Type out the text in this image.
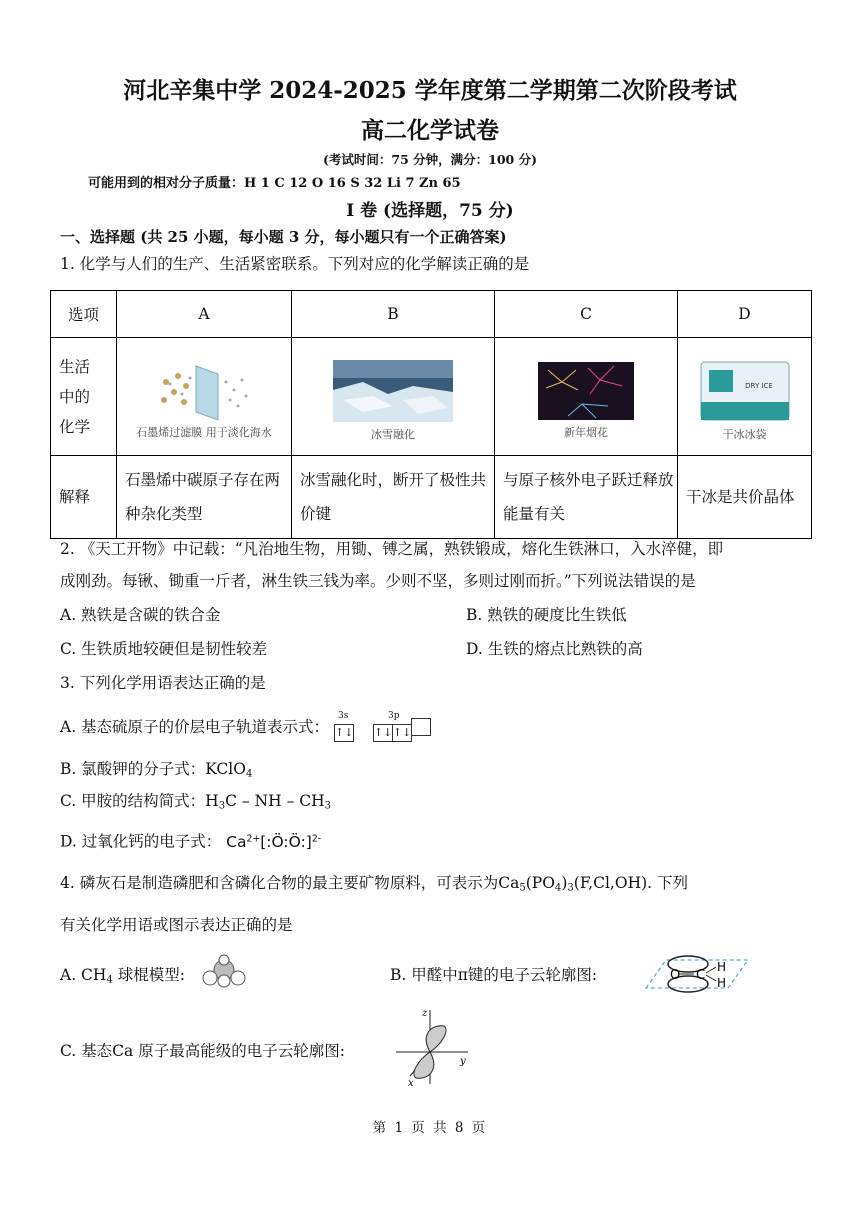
河北辛集中学 2024-2025 学年度第二学期第二次阶段考试
高二化学试卷
(考试时间：75 分钟，满分：100 分)
可能用到的相对分子质量：H 1 C 12 O 16 S 32 Li 7 Zn 65
I 卷 (选择题，75 分)
一、选择题 (共 25 小题，每小题 3 分，每小题只有一个正确答案)
1. 化学与人们的生产、生活紧密联系。下列对应的化学解读正确的是
选项	A	B	C	D

生活中的化学	石墨烯过滤膜 用于淡化海水	冰雪融化	新年烟花	DRY ICE
干冰冰袋

解释	石墨烯中碳原子存在两种杂化类型	冰雪融化时，断开了极性共价键	与原子核外电子跃迁释放能量有关	干冰是共价晶体
2. 《天工开物》中记载：“凡治地生物，用锄、镈之属，熟铁锻成，熔化生铁淋口，入水淬健，即
成刚劲。每锹、锄重一斤者，淋生铁三钱为率。少则不坚，多则过刚而折。”下列说法错误的是
A. 熟铁是含碳的铁合金	B. 熟铁的硬度比生铁低
C. 生铁质地较硬但是韧性较差	D. 生铁的熔点比熟铁的高
3. 下列化学用语表达正确的是
A. 基态硫原子的价层电子轨道表示式：
3s	3p
↑↓ ↑↓↑↓
B. 氯酸钾的分子式：KClO$_4$
C. 甲胺的结构简式：$H_3C$ – NH – $CH_3$
D. 过氧化钙的电子式： $Ca^{2+}[:Ö:Ö:]^{2-}$
4. 磷灰石是制造磷肥和含磷化合物的最主要矿物原料，可表示为$Ca_5(PO_4)_3(F,Cl,OH)$. 下列
有关化学用语或图示表达正确的是
A. $CH_4$ 球棍模型:	B. 甲醛中π键的电子云轮廓图:	O C
H
H
C. 基态Ca 原子最高能级的电子云轮廓图:
z
y
x
第 1 页 共 8 页
